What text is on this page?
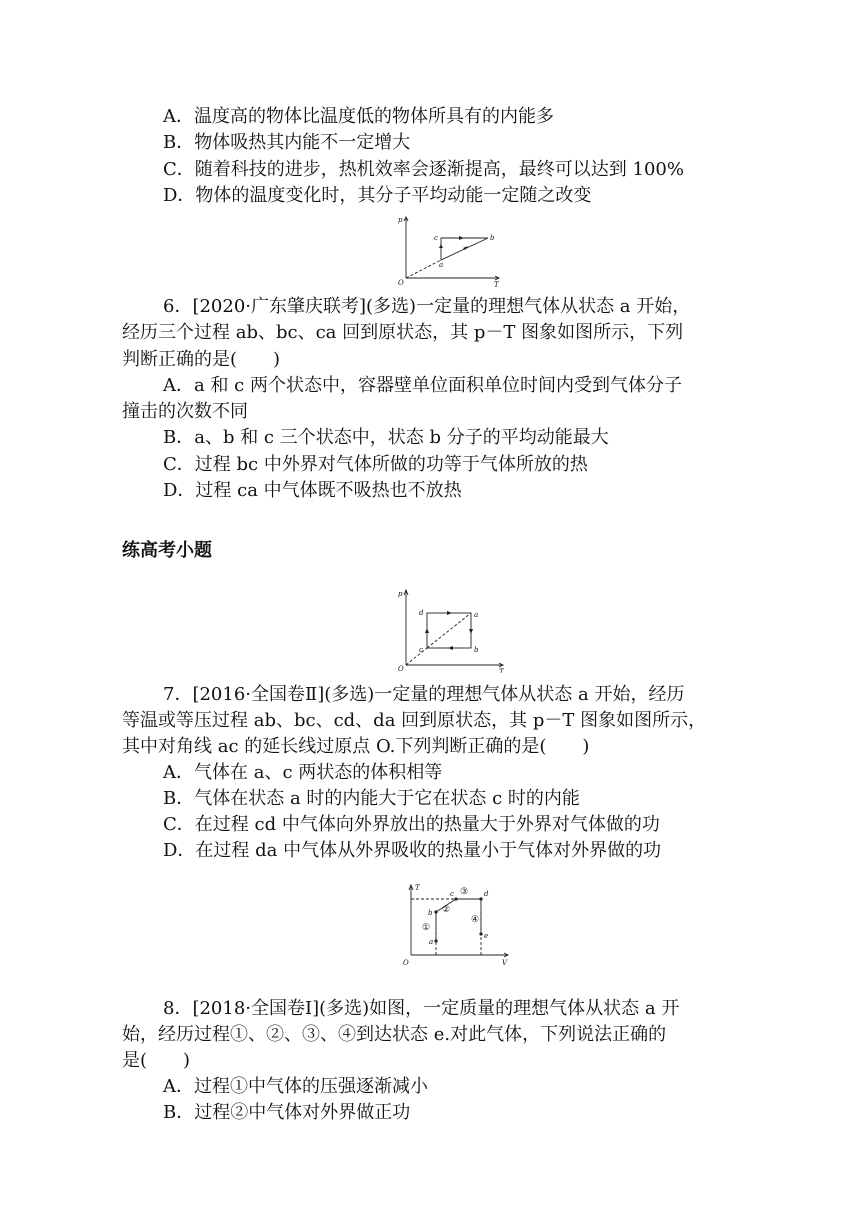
A．温度高的物体比温度低的物体所具有的内能多
B．物体吸热其内能不一定增大
C．随着科技的进步，热机效率会逐渐提高，最终可以达到 100%
D．物体的温度变化时，其分子平均动能一定随之改变
p
T
O
c	b
a
6．[2020·广东肇庆联考](多选)一定量的理想气体从状态 a 开始，
经历三个过程 ab、bc、ca 回到原状态，其 p－T 图象如图所示，下列
判断正确的是(　　)
A．a 和 c 两个状态中，容器壁单位面积单位时间内受到气体分子
撞击的次数不同
B．a、b 和 c 三个状态中，状态 b 分子的平均动能最大
C．过程 bc 中外界对气体所做的功等于气体所放的热
D．过程 ca 中气体既不吸热也不放热
练高考小题
p
T
O
d	a
c	b
7．[2016·全国卷Ⅱ](多选)一定量的理想气体从状态 a 开始，经历
等温或等压过程 ab、bc、cd、da 回到原状态，其 p－T 图象如图所示，
其中对角线 ac 的延长线过原点 O.下列判断正确的是(　　)
A．气体在 a、c 两状态的体积相等
B．气体在状态 a 时的内能大于它在状态 c 时的内能
C．在过程 cd 中气体向外界放出的热量大于外界对气体做的功
D．在过程 da 中气体从外界吸收的热量小于气体对外界做的功
T
V
O
a
b
c	d
e
①
②
③
④
8．[2018·全国卷Ⅰ](多选)如图，一定质量的理想气体从状态 a 开
始，经历过程①、②、③、④到达状态 e.对此气体，下列说法正确的
是(　　)
A．过程①中气体的压强逐渐减小
B．过程②中气体对外界做正功
